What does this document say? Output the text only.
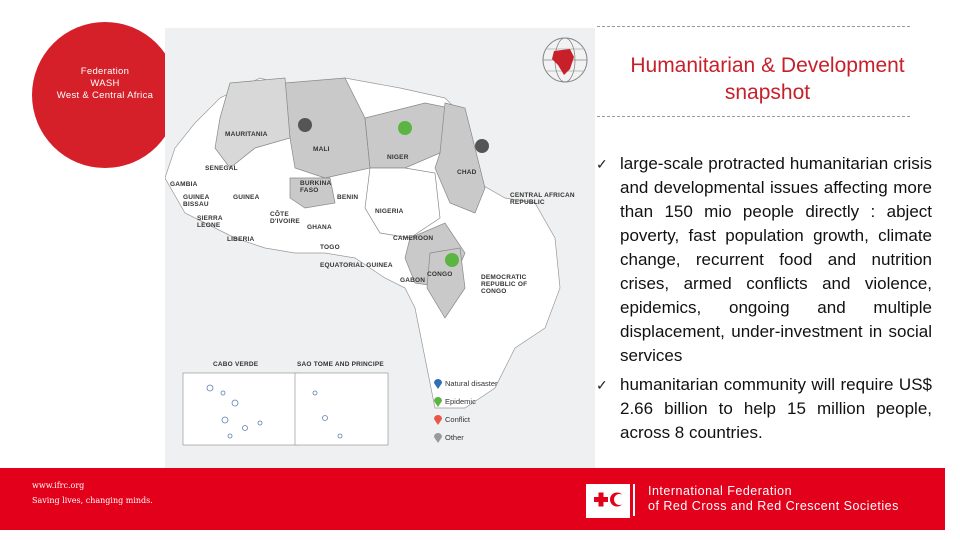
Federation
WASH
West & Central Africa
MAURITANIA
MALI
NIGER
CHAD
SENEGAL
GAMBIA
GUINEA BISSAU
GUINEA
BURKINA FASO
BENIN
NIGERIA
SIERRA LEONE
CÔTE D'IVOIRE
GHANA
LIBERIA
TOGO
CAMEROON
CENTRAL AFRICAN REPUBLIC
EQUATORIAL GUINEA
GABON
CONGO	DEMOCRATIC REPUBLIC OF CONGO
CABO VERDE	SAO TOME AND PRINCIPE
Natural disaster
Epidemic
Conflict
Other
Humanitarian & Development
snapshot
✓ large-scale protracted humanitarian crisis and developmental issues affecting more than 150 mio people directly : abject poverty, fast population growth, climate change, recurrent food and nutrition crises, armed conflicts and violence, epidemics, ongoing and multiple displacement, under-investment in social services
✓ humanitarian community will require US$ 2.66 billion to help 15 million people, across 8 countries.
www.ifrc.org
Saving lives, changing minds.
International Federation
of Red Cross and Red Crescent Societies
